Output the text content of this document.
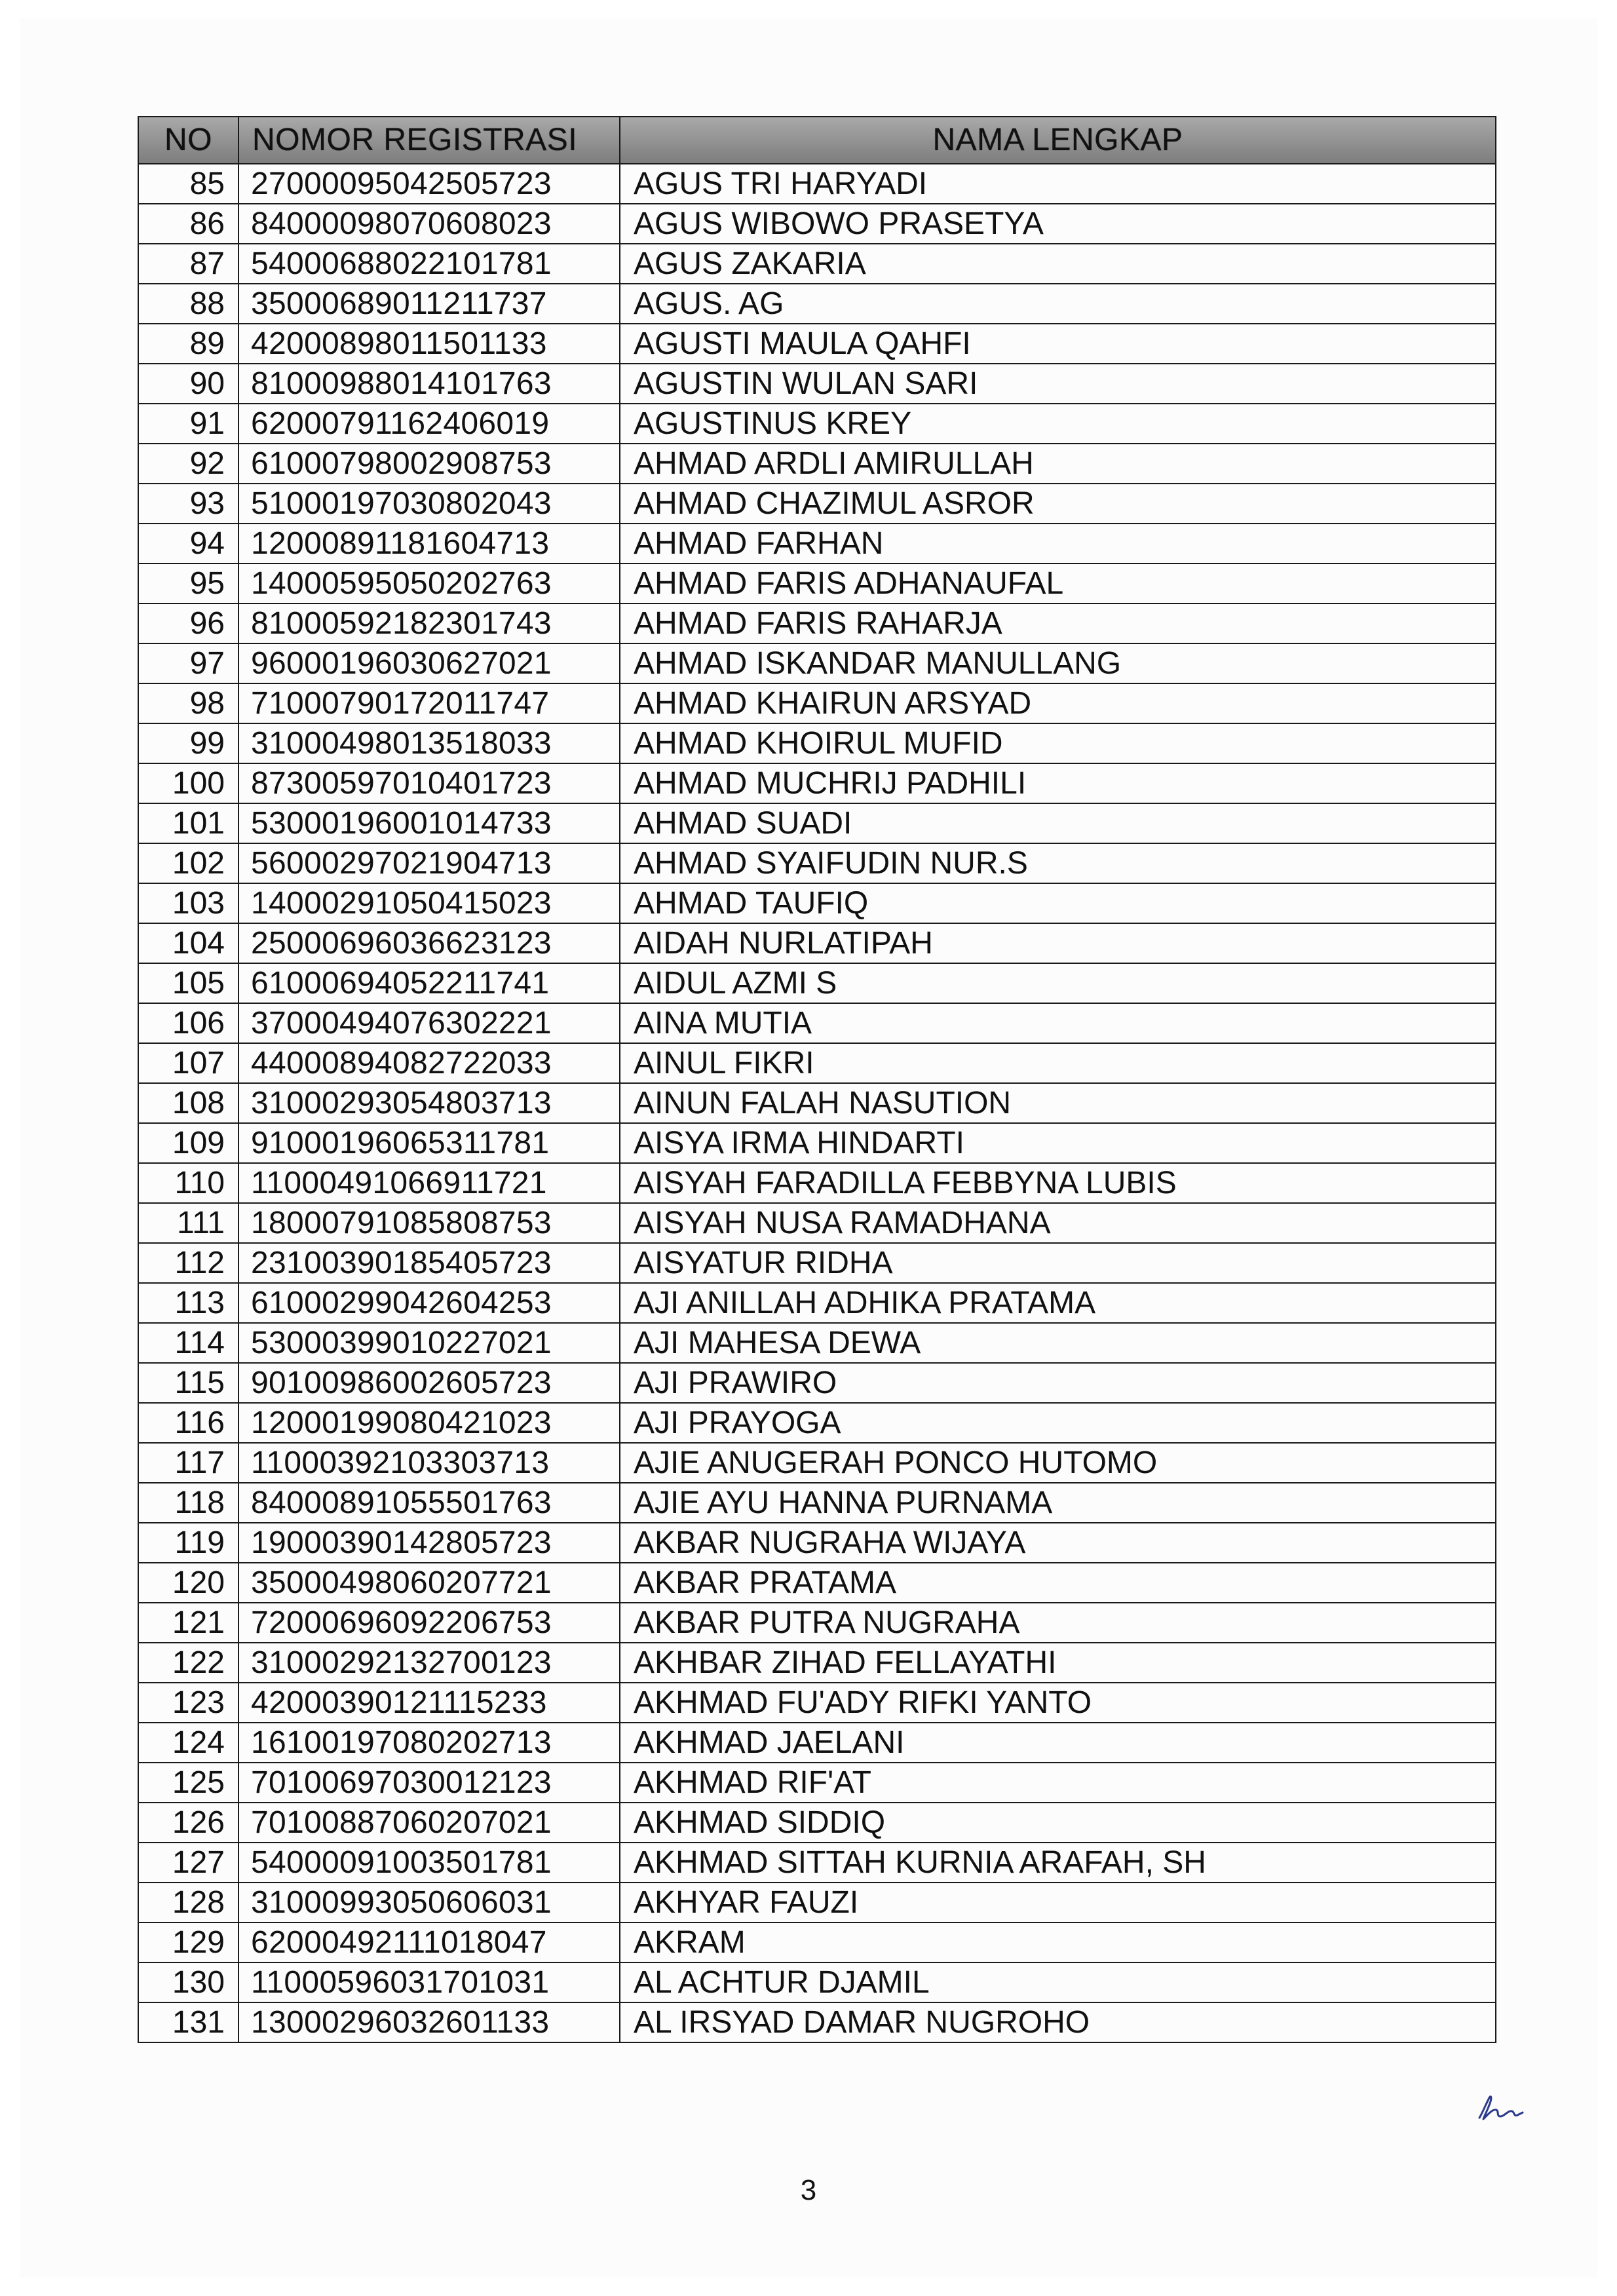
NO	NOMOR REGISTRASI	NAMA LENGKAP
85	27000095042505723	AGUS TRI HARYADI
86	84000098070608023	AGUS WIBOWO PRASETYA
87	54000688022101781	AGUS ZAKARIA
88	35000689011211737	AGUS. AG
89	42000898011501133	AGUSTI MAULA QAHFI
90	81000988014101763	AGUSTIN WULAN SARI
91	62000791162406019	AGUSTINUS KREY
92	61000798002908753	AHMAD ARDLI AMIRULLAH
93	51000197030802043	AHMAD CHAZIMUL ASROR
94	12000891181604713	AHMAD FARHAN
95	14000595050202763	AHMAD FARIS ADHANAUFAL
96	81000592182301743	AHMAD FARIS RAHARJA
97	96000196030627021	AHMAD ISKANDAR MANULLANG
98	71000790172011747	AHMAD KHAIRUN ARSYAD
99	31000498013518033	AHMAD KHOIRUL MUFID
100	87300597010401723	AHMAD MUCHRIJ PADHILI
101	53000196001014733	AHMAD SUADI
102	56000297021904713	AHMAD SYAIFUDIN NUR.S
103	14000291050415023	AHMAD TAUFIQ
104	25000696036623123	AIDAH NURLATIPAH
105	61000694052211741	AIDUL AZMI S
106	37000494076302221	AINA MUTIA
107	44000894082722033	AINUL FIKRI
108	31000293054803713	AINUN FALAH NASUTION
109	91000196065311781	AISYA IRMA HINDARTI
110	11000491066911721	AISYAH FARADILLA FEBBYNA LUBIS
111	18000791085808753	AISYAH NUSA RAMADHANA
112	23100390185405723	AISYATUR RIDHA
113	61000299042604253	AJI ANILLAH ADHIKA PRATAMA
114	53000399010227021	AJI MAHESA DEWA
115	90100986002605723	AJI PRAWIRO
116	12000199080421023	AJI PRAYOGA
117	11000392103303713	AJIE ANUGERAH PONCO HUTOMO
118	84000891055501763	AJIE AYU HANNA PURNAMA
119	19000390142805723	AKBAR NUGRAHA WIJAYA
120	35000498060207721	AKBAR PRATAMA
121	72000696092206753	AKBAR PUTRA NUGRAHA
122	31000292132700123	AKHBAR ZIHAD FELLAYATHI
123	42000390121115233	AKHMAD FU'ADY RIFKI YANTO
124	16100197080202713	AKHMAD JAELANI
125	70100697030012123	AKHMAD RIF'AT
126	70100887060207021	AKHMAD SIDDIQ
127	54000091003501781	AKHMAD SITTAH KURNIA ARAFAH, SH
128	31000993050606031	AKHYAR FAUZI
129	62000492111018047	AKRAM
130	11000596031701031	AL ACHTUR DJAMIL
131	13000296032601133	AL IRSYAD DAMAR NUGROHO
3
